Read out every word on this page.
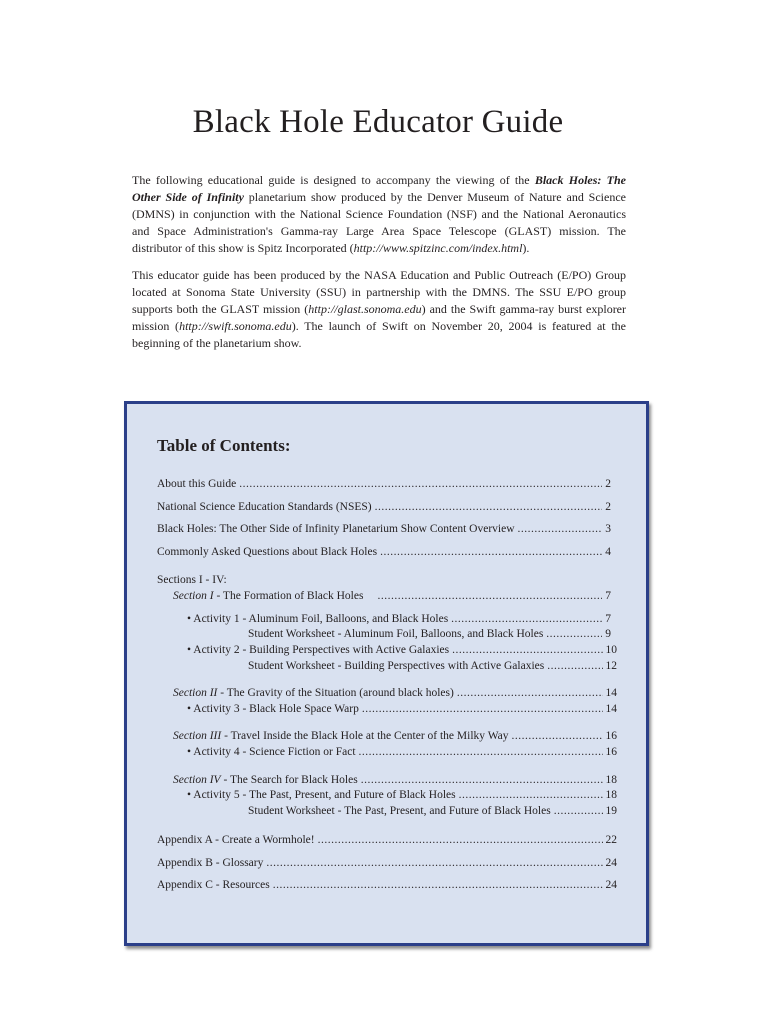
Black Hole Educator Guide

The following educational guide is designed to accompany the viewing of the Black Holes: The Other Side of Infinity planetarium show produced by the Denver Museum of Nature and Science (DMNS) in conjunction with the National Science Foundation (NSF) and the National Aeronautics and Space Administration's Gamma-ray Large Area Space Telescope (GLAST) mission. The distributor of this show is Spitz Incorporated (http://www.spitzinc.com/index.html).

This educator guide has been produced by the NASA Education and Public Outreach (E/PO) Group located at Sonoma State University (SSU) in partnership with the DMNS. The SSU E/PO group supports both the GLAST mission (http://glast.sonoma.edu) and the Swift gamma-ray burst explorer mission (http://swift.sonoma.edu). The launch of Swift on November 20, 2004 is featured at the beginning of the planetarium show.

Table of Contents:
About this Guide .....	2
National Science Education Standards (NSES) .....	2
Black Holes: The Other Side of Infinity Planetarium Show Content Overview .....	3
Commonly Asked Questions about Black Holes .....	4
Sections I - IV:
Section I - The Formation of Black Holes .....	7
• Activity 1 - Aluminum Foil, Balloons, and Black Holes .....	7
Student Worksheet - Aluminum Foil, Balloons, and Black Holes .....	9
• Activity 2 - Building Perspectives with Active Galaxies .....	10
Student Worksheet - Building Perspectives with Active Galaxies .....	12
Section II - The Gravity of the Situation (around black holes) .....	14
• Activity 3 - Black Hole Space Warp .....	14
Section III - Travel Inside the Black Hole at the Center of the Milky Way .....	16
• Activity 4 - Science Fiction or Fact .....	16
Section IV - The Search for Black Holes .....	18
• Activity 5 - The Past, Present, and Future of Black Holes .....	18
Student Worksheet - The Past, Present, and Future of Black Holes .....	19
Appendix A - Create a Wormhole! .....	22
Appendix B - Glossary .....	24
Appendix C - Resources .....	24
